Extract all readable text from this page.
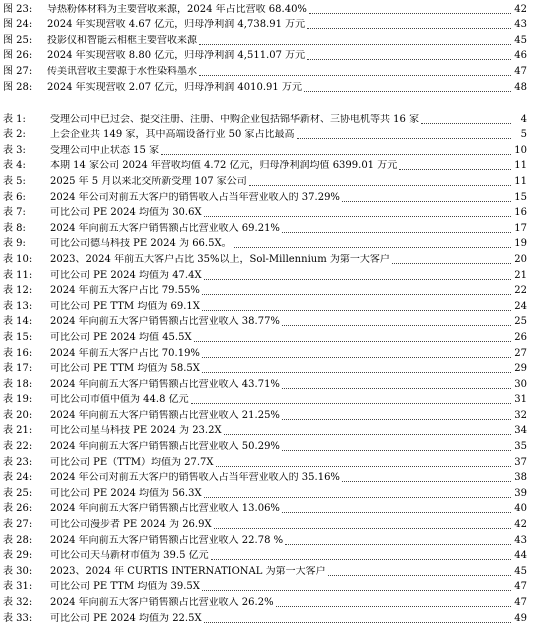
图 23:	导热粉体材料为主要营收来源，2024 年占比营收 68.40%	42
图 24:	2024 年实现营收 4.67 亿元，归母净利润 4,738.91 万元	43
图 25:	投影仪和智能云相框主要营收来源	45
图 26:	2024 年实现营收 8.80 亿元，归母净利润 4,511.07 万元	46
图 27:	传美讯营收主要源于水性染料墨水	47
图 28:	2024 年实现营收 2.07 亿元，归母净利润 4010.91 万元	48
表 1:	受理公司中已过会、提交注册、注册、中购企业包括锦华新材、三协电机等共 16 家	4
表 2:	上会企业共 149 家，其中高端设备行业 50 家占比最高	5
表 3:	受理公司中止状态 15 家	10
表 4:	本期 14 家公司 2024 年营收均值 4.72 亿元，归母净利润均值 6399.01 万元	11
表 5:	2025 年 5 月以来北交所新受理 107 家公司	11
表 6:	2024 年公司对前五大客户的销售收入占当年营业收入的 37.29%	15
表 7:	可比公司 PE 2024 均值为 30.6X	16
表 8:	2024 年向前五大客户销售额占比营业收入 69.21%	17
表 9:	可比公司德马科技 PE 2024 为 66.5X。	19
表 10:	2023、2024 年前五大客户占比 35%以上，Sol-Millennium 为第一大客户	20
表 11:	可比公司 PE 2024 均值为 47.4X	21
表 12:	2024 年前五大客户占比 79.55%	22
表 13:	可比公司 PE TTM 均值为 69.1X	24
表 14:	2024 年向前五大客户销售额占比营业收入 38.77%	25
表 15:	可比公司 PE 2024 均值 45.5X	26
表 16:	2024 年前五大客户占比 70.19%	27
表 17:	可比公司 PE TTM 均值为 58.5X	29
表 18:	2024 年向前五大客户销售额占比营业收入 43.71%	30
表 19:	可比公司市值中值为 44.8 亿元	31
表 20:	2024 年向前五大客户销售额占比营业收入 21.25%	32
表 21:	可比公司星马科技 PE 2024 为 23.2X	34
表 22:	2024 年向前五大客户销售额占比营业收入 50.29%	35
表 23:	可比公司 PE（TTM）均值为 27.7X	37
表 24:	2024 年公司对前五大客户的销售收入占当年营业收入的 35.16%	38
表 25:	可比公司 PE 2024 均值为 56.3X	39
表 26:	2024 年向前五大客户销售额占比营业收入 13.06%	40
表 27:	可比公司漫步者 PE 2024 为 26.9X	42
表 28:	2024 年向前五大客户销售额占比营业收入 22.78 %	43
表 29:	可比公司天马新材市值为 39.5 亿元	44
表 30:	2023、2024 年 CURTIS INTERNATIONAL 为第一大客户	45
表 31:	可比公司 PE TTM 均值为 39.5X	47
表 32:	2024 年向前五大客户销售额占比营业收入 26.2%	47
表 33:	可比公司 PE 2024 均值为 22.5X	49
